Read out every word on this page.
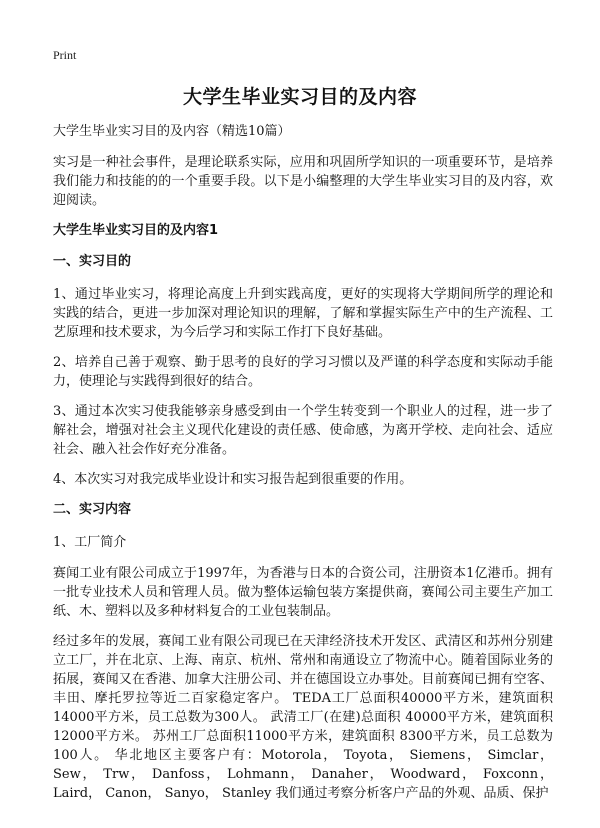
Print
大学生毕业实习目的及内容

大学生毕业实习目的及内容（精选10篇）

实习是一种社会事件，是理论联系实际，应用和巩固所学知识的一项重要环节，是培养我们能力和技能的的一个重要手段。以下是小编整理的大学生毕业实习目的及内容，欢迎阅读。

大学生毕业实习目的及内容1
一、实习目的

1、通过毕业实习，将理论高度上升到实践高度，更好的实现将大学期间所学的理论和实践的结合，更进一步加深对理论知识的理解，了解和掌握实际生产中的生产流程、工艺原理和技术要求，为今后学习和实际工作打下良好基础。

2、培养自己善于观察、勤于思考的良好的学习习惯以及严谨的科学态度和实际动手能力，使理论与实践得到很好的结合。

3、通过本次实习使我能够亲身感受到由一个学生转变到一个职业人的过程，进一步了解社会，增强对社会主义现代化建设的责任感、使命感，为离开学校、走向社会、适应社会、融入社会作好充分准备。

4、本次实习对我完成毕业设计和实习报告起到很重要的作用。

二、实习内容

1、工厂简介

赛闻工业有限公司成立于1997年，为香港与日本的合资公司，注册资本1亿港币。拥有一批专业技术人员和管理人员。做为整体运输包装方案提供商，赛闻公司主要生产加工纸、木、塑料以及多种材料复合的工业包装制品。

经过多年的发展，赛闻工业有限公司现已在天津经济技术开发区、武清区和苏州分别建立工厂，并在北京、上海、南京、杭州、常州和南通设立了物流中心。随着国际业务的拓展，赛闻又在香港、加拿大注册公司、并在德国设立办事处。目前赛闻已拥有空客、丰田、摩托罗拉等近二百家稳定客户。 TEDA工厂总面积40000平方米，建筑面积14000平方米，员工总数为300人。 武清工厂(在建)总面积 40000平方米，建筑面积12000平方米。 苏州工厂总面积11000平方米，建筑面积 8300平方米，员工总数为100人。 华北地区主要客户有：Motorola， Toyota， Siemens， Simclar， Sew， Trw， Danfoss， Lohmann， Danaher， Woodward， Foxconn， Laird， Canon， Sanyo， Stanley 我们通过考察分析客户产品的外观、品质、保护
